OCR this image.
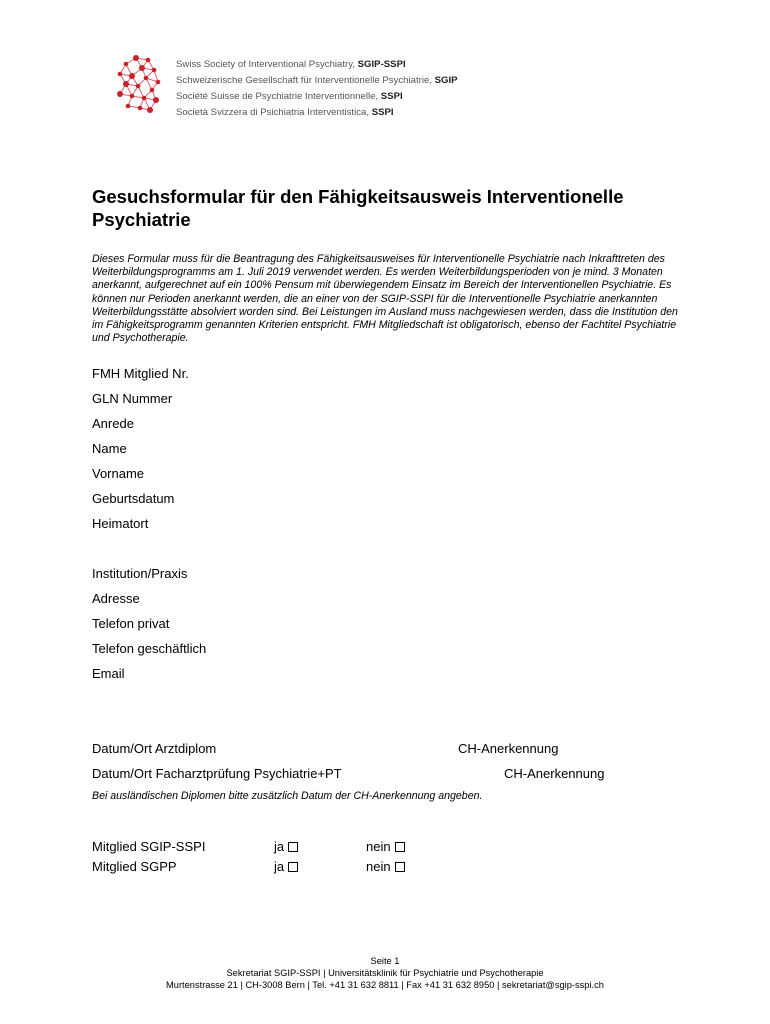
Swiss Society of Interventional Psychiatry, SGIP-SSPI
Schweizerische Gesellschaft für Interventionelle Psychiatrie, SGIP
Société Suisse de Psychiatrie Interventionnelle, SSPI
Società Svizzera di Psichiatria Interventistica, SSPI
Gesuchsformular für den Fähigkeitsausweis Interventionelle Psychiatrie
Dieses Formular muss für die Beantragung des Fähigkeitsausweises für Interventionelle Psychiatrie nach Inkrafttreten des Weiterbildungsprogramms am 1. Juli 2019 verwendet werden. Es werden Weiterbildungsperioden von je mind. 3 Monaten anerkannt, aufgerechnet auf ein 100% Pensum mit überwiegendem Einsatz im Bereich der Interventionellen Psychiatrie. Es können nur Perioden anerkannt werden, die an einer von der SGIP-SSPI für die Interventionelle Psychiatrie anerkannten Weiterbildungsstätte absolviert worden sind. Bei Leistungen im Ausland muss nachgewiesen werden, dass die Institution den im Fähigkeitsprogramm genannten Kriterien entspricht. FMH Mitgliedschaft ist obligatorisch, ebenso der Fachtitel Psychiatrie und Psychotherapie.
FMH Mitglied Nr.
GLN Nummer
Anrede
Name
Vorname
Geburtsdatum
Heimatort
Institution/Praxis
Adresse
Telefon privat
Telefon geschäftlich
Email
Datum/Ort Arztdiplom	CH-Anerkennung
Datum/Ort Facharztprüfung Psychiatrie+PT	CH-Anerkennung
Bei ausländischen Diplomen bitte zusätzlich Datum der CH-Anerkennung angeben.
Mitglied SGIP-SSPI	ja	nein
Mitglied SGPP	ja	nein
Seite 1
Sekretariat SGIP-SSPI | Universitätsklinik für Psychiatrie und Psychotherapie
Murtenstrasse 21 | CH-3008 Bern | Tel. +41 31 632 8811 | Fax +41 31 632 8950 | sekretariat@sgip-sspi.ch
